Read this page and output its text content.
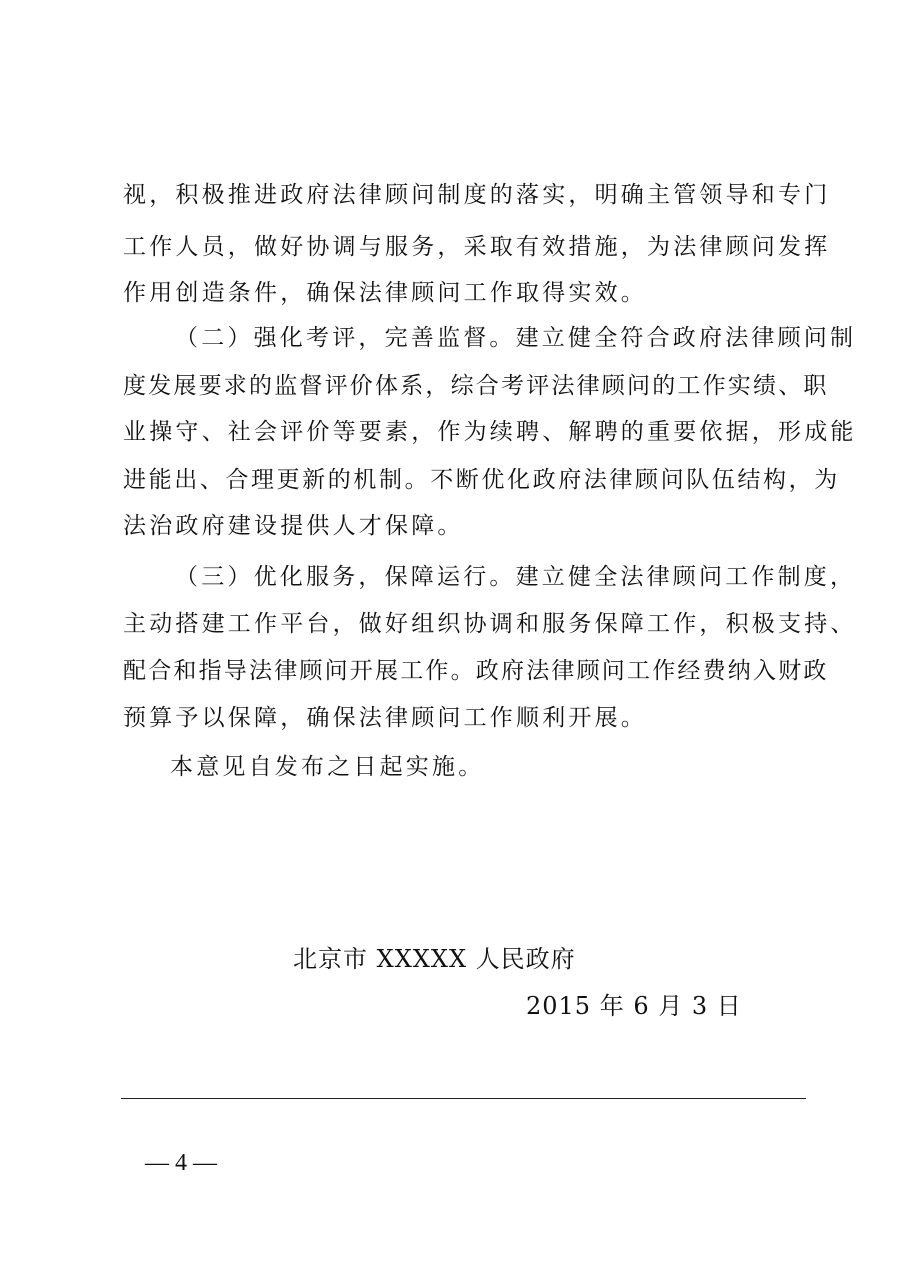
视，积极推进政府法律顾问制度的落实，明确主管领导和专门
工作人员，做好协调与服务，采取有效措施，为法律顾问发挥
作用创造条件，确保法律顾问工作取得实效。
（二）强化考评，完善监督。建立健全符合政府法律顾问制
度发展要求的监督评价体系，综合考评法律顾问的工作实绩、职
业操守、社会评价等要素，作为续聘、解聘的重要依据，形成能
进能出、合理更新的机制。不断优化政府法律顾问队伍结构，为
法治政府建设提供人才保障。
（三）优化服务，保障运行。建立健全法律顾问工作制度，
主动搭建工作平台，做好组织协调和服务保障工作，积极支持、
配合和指导法律顾问开展工作。政府法律顾问工作经费纳入财政
预算予以保障，确保法律顾问工作顺利开展。
本意见自发布之日起实施。
北京市 XXXXX 人民政府
2015 年 6 月 3 日
— 4 —
